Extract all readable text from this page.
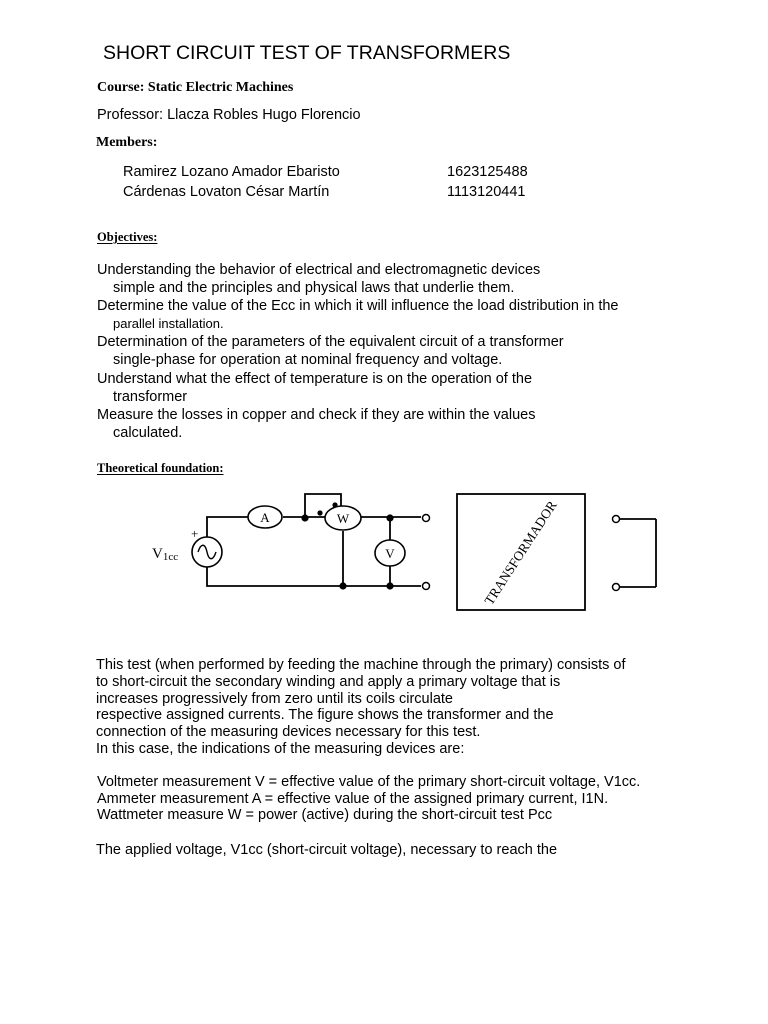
SHORT CIRCUIT TEST OF TRANSFORMERS
Course: Static Electric Machines
Professor: Llacza Robles Hugo Florencio
Members:
Ramirez Lozano Amador Ebaristo	1623125488
Cárdenas Lovaton César Martín	1113120441
Objectives:
Understanding the behavior of electrical and electromagnetic devices
simple and the principles and physical laws that underlie them.
Determine the value of the Ecc in which it will influence the load distribution in the
parallel installation.
Determination of the parameters of the equivalent circuit of a transformer
single-phase for operation at nominal frequency and voltage.
Understand what the effect of temperature is on the operation of the
transformer
Measure the losses in copper and check if they are within the values
calculated.
Theoretical foundation:
A	W
V
+
V1cc	TRANSFORMADOR
This test (when performed by feeding the machine through the primary) consists of
to short-circuit the secondary winding and apply a primary voltage that is
increases progressively from zero until its coils circulate
respective assigned currents. The figure shows the transformer and the
connection of the measuring devices necessary for this test.
In this case, the indications of the measuring devices are:
Voltmeter measurement V = effective value of the primary short-circuit voltage, V1cc.
Ammeter measurement A = effective value of the assigned primary current, I1N.
Wattmeter measure W = power (active) during the short-circuit test Pcc
The applied voltage, V1cc (short-circuit voltage), necessary to reach the
